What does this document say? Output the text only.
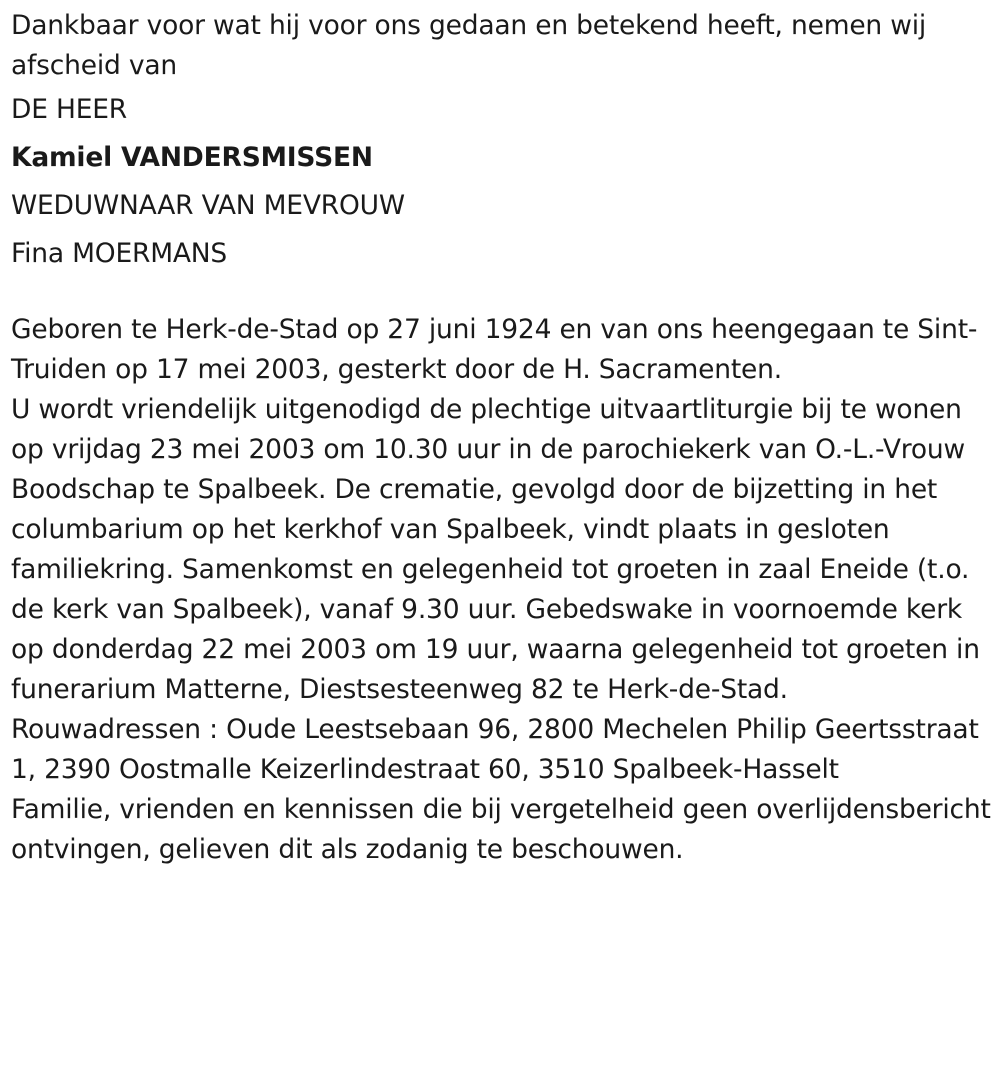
Dankbaar voor wat hij voor ons gedaan en betekend heeft, nemen wij afscheid van

DE HEER
Kamiel VANDERSMISSEN
WEDUWNAAR VAN MEVROUW
Fina MOERMANS

Geboren te Herk-de-Stad op 27 juni 1924 en van ons heengegaan te Sint-Truiden op 17 mei 2003, gesterkt door de H. Sacramenten.

U wordt vriendelijk uitgenodigd de plechtige uitvaartliturgie bij te wonen op vrijdag 23 mei 2003 om 10.30 uur in de parochiekerk van O.-L.-Vrouw Boodschap te Spalbeek. De crematie, gevolgd door de bijzetting in het columbarium op het kerkhof van Spalbeek, vindt plaats in gesloten familiekring. Samenkomst en gelegenheid tot groeten in zaal Eneide (t.o. de kerk van Spalbeek), vanaf 9.30 uur. Gebedswake in voornoemde kerk op donderdag 22 mei 2003 om 19 uur, waarna gelegenheid tot groeten in funerarium Matterne, Diestsesteenweg 82 te Herk-de-Stad.

Rouwadressen : Oude Leestsebaan 96, 2800 Mechelen Philip Geertsstraat 1, 2390 Oostmalle Keizerlindestraat 60, 3510 Spalbeek-Hasselt

Familie, vrienden en kennissen die bij vergetelheid geen overlijdensbericht ontvingen, gelieven dit als zodanig te beschouwen.
